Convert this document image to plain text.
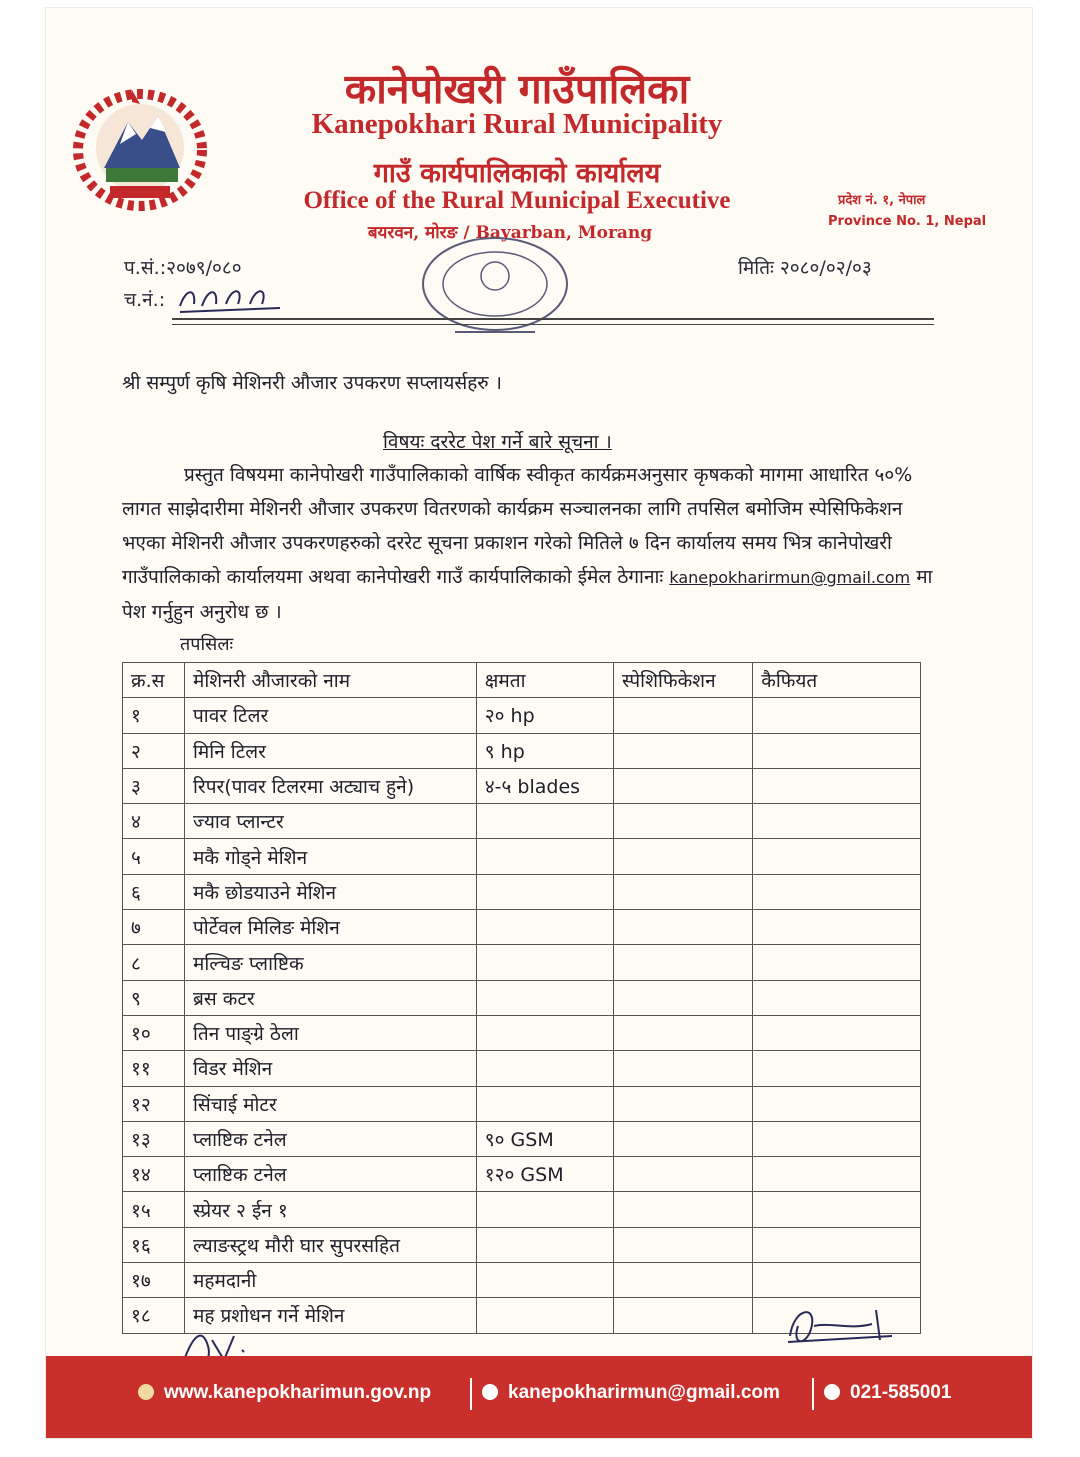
कानेपोखरी गाउँपालिका
Kanepokhari Rural Municipality
गाउँ कार्यपालिकाको कार्यालय
Office of the Rural Municipal Executive
बयरवन, मोरङ / Bayarban, Morang
प्रदेश नं. १, नेपाल
Province No. 1, Nepal
प.सं.:२०७९/०८०
च.नं.:
मितिः २०८०/०२/०३
श्री सम्पुर्ण कृषि मेशिनरी औजार उपकरण सप्लायर्सहरु ।
विषयः दररेट पेश गर्ने बारे सूचना ।
प्रस्तुत विषयमा कानेपोखरी गाउँपालिकाको वार्षिक स्वीकृत कार्यक्रमअनुसार कृषकको मागमा आधारित ५०% लागत साझेदारीमा मेशिनरी औजार उपकरण वितरणको कार्यक्रम सञ्चालनका लागि तपसिल बमोजिम स्पेसिफिकेशन भएका मेशिनरी औजार उपकरणहरुको दररेट सूचना प्रकाशन गरेको मितिले ७ दिन कार्यालय समय भित्र कानेपोखरी गाउँपालिकाको कार्यालयमा अथवा कानेपोखरी गाउँ कार्यपालिकाको ईमेल ठेगानाः kanepokharirmun@gmail.com मा पेश गर्नुहुन अनुरोध छ ।
तपसिलः
क्र.स	मेशिनरी औजारको नाम	क्षमता	स्पेशिफिकेशन	कैफियत
१	पावर टिलर	२० hp		
२	मिनि टिलर	९ hp		
३	रिपर(पावर टिलरमा अट्याच हुने)	४-५ blades		
४	ज्याव प्लान्टर			
५	मकै गोड्ने मेशिन			
६	मकै छोडयाउने मेशिन			
७	पोर्टेवल मिलिङ मेशिन			
८	मल्चिङ प्लाष्टिक			
९	ब्रस कटर			
१०	तिन पाङ्ग्रे ठेला			
११	विडर मेशिन			
१२	सिंचाई मोटर			
१३	प्लाष्टिक टनेल	९० GSM		
१४	प्लाष्टिक टनेल	१२० GSM		
१५	स्प्रेयर २ ईन १			
१६	ल्याङस्ट्रथ मौरी घार सुपरसहित			
१७	महमदानी			
१८	मह प्रशोधन गर्ने मेशिन			
www.kanepokharimun.gov.np	kanepokharirmun@gmail.com	021-585001
